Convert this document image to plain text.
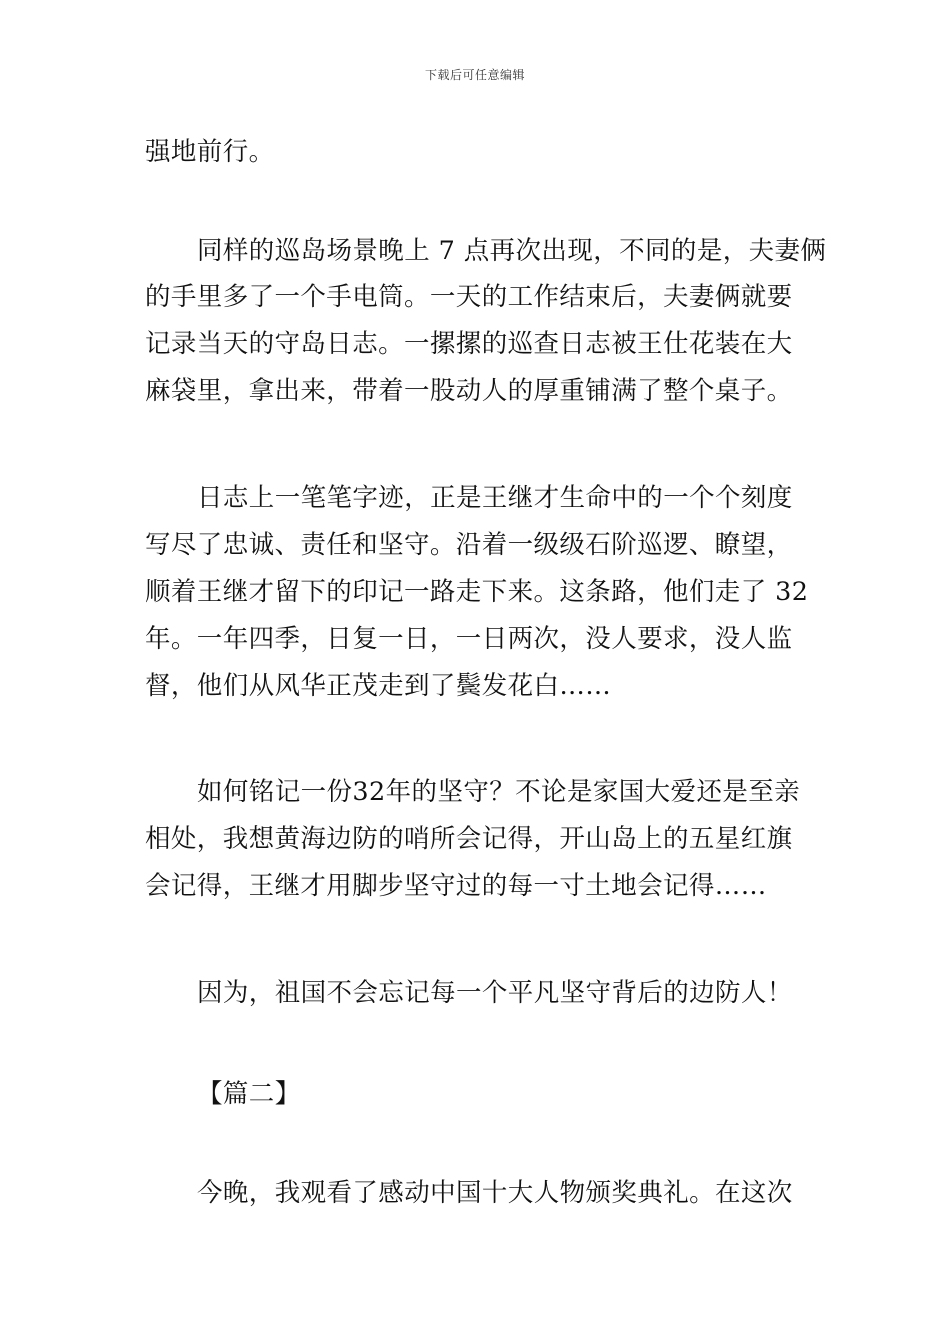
下载后可任意编辑
强地前行。
同样的巡岛场景晚上 7 点再次出现，不同的是，夫妻俩
的手里多了一个手电筒。一天的工作结束后，夫妻俩就要
记录当天的守岛日志。一摞摞的巡查日志被王仕花装在大
麻袋里，拿出来，带着一股动人的厚重铺满了整个桌子。
日志上一笔笔字迹，正是王继才生命中的一个个刻度
写尽了忠诚、责任和坚守。沿着一级级石阶巡逻、瞭望，
顺着王继才留下的印记一路走下来。这条路，他们走了 32
年。一年四季，日复一日，一日两次，没人要求，没人监
督，他们从风华正茂走到了鬓发花白……
如何铭记一份32年的坚守？不论是家国大爱还是至亲
相处，我想黄海边防的哨所会记得，开山岛上的五星红旗
会记得，王继才用脚步坚守过的每一寸土地会记得……
因为，祖国不会忘记每一个平凡坚守背后的边防人！
【篇二】
今晚，我观看了感动中国十大人物颁奖典礼。在这次
